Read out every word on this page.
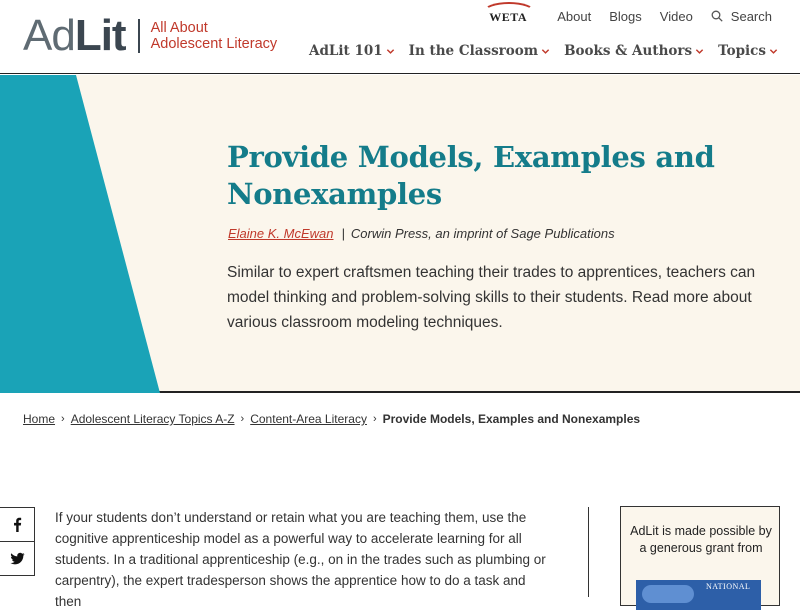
Ad Lit All About
Adolescent Literacy
WETA About Blogs Video	Search
AdLit 101 In the Classroom Books & Authors Topics
Provide Models, Examples and Nonexamples
Elaine K. McEwan | Corwin Press, an imprint of Sage Publications

Similar to expert craftsmen teaching their trades to apprentices, teachers can model thinking and problem-solving skills to their students. Read more about various classroom modeling techniques.

Home › Adolescent Literacy Topics A-Z › Content-Area Literacy › Provide Models, Examples and Nonexamples

If your students don’t understand or retain what you are teaching them, use the cognitive apprenticeship model as a powerful way to accelerate learning for all students. In a traditional apprenticeship (e.g., on in the trades such as plumbing or carpentry), the expert tradesperson shows the apprentice how to do a task and then

AdLit is made possible by a generous grant from
NATIONAL
